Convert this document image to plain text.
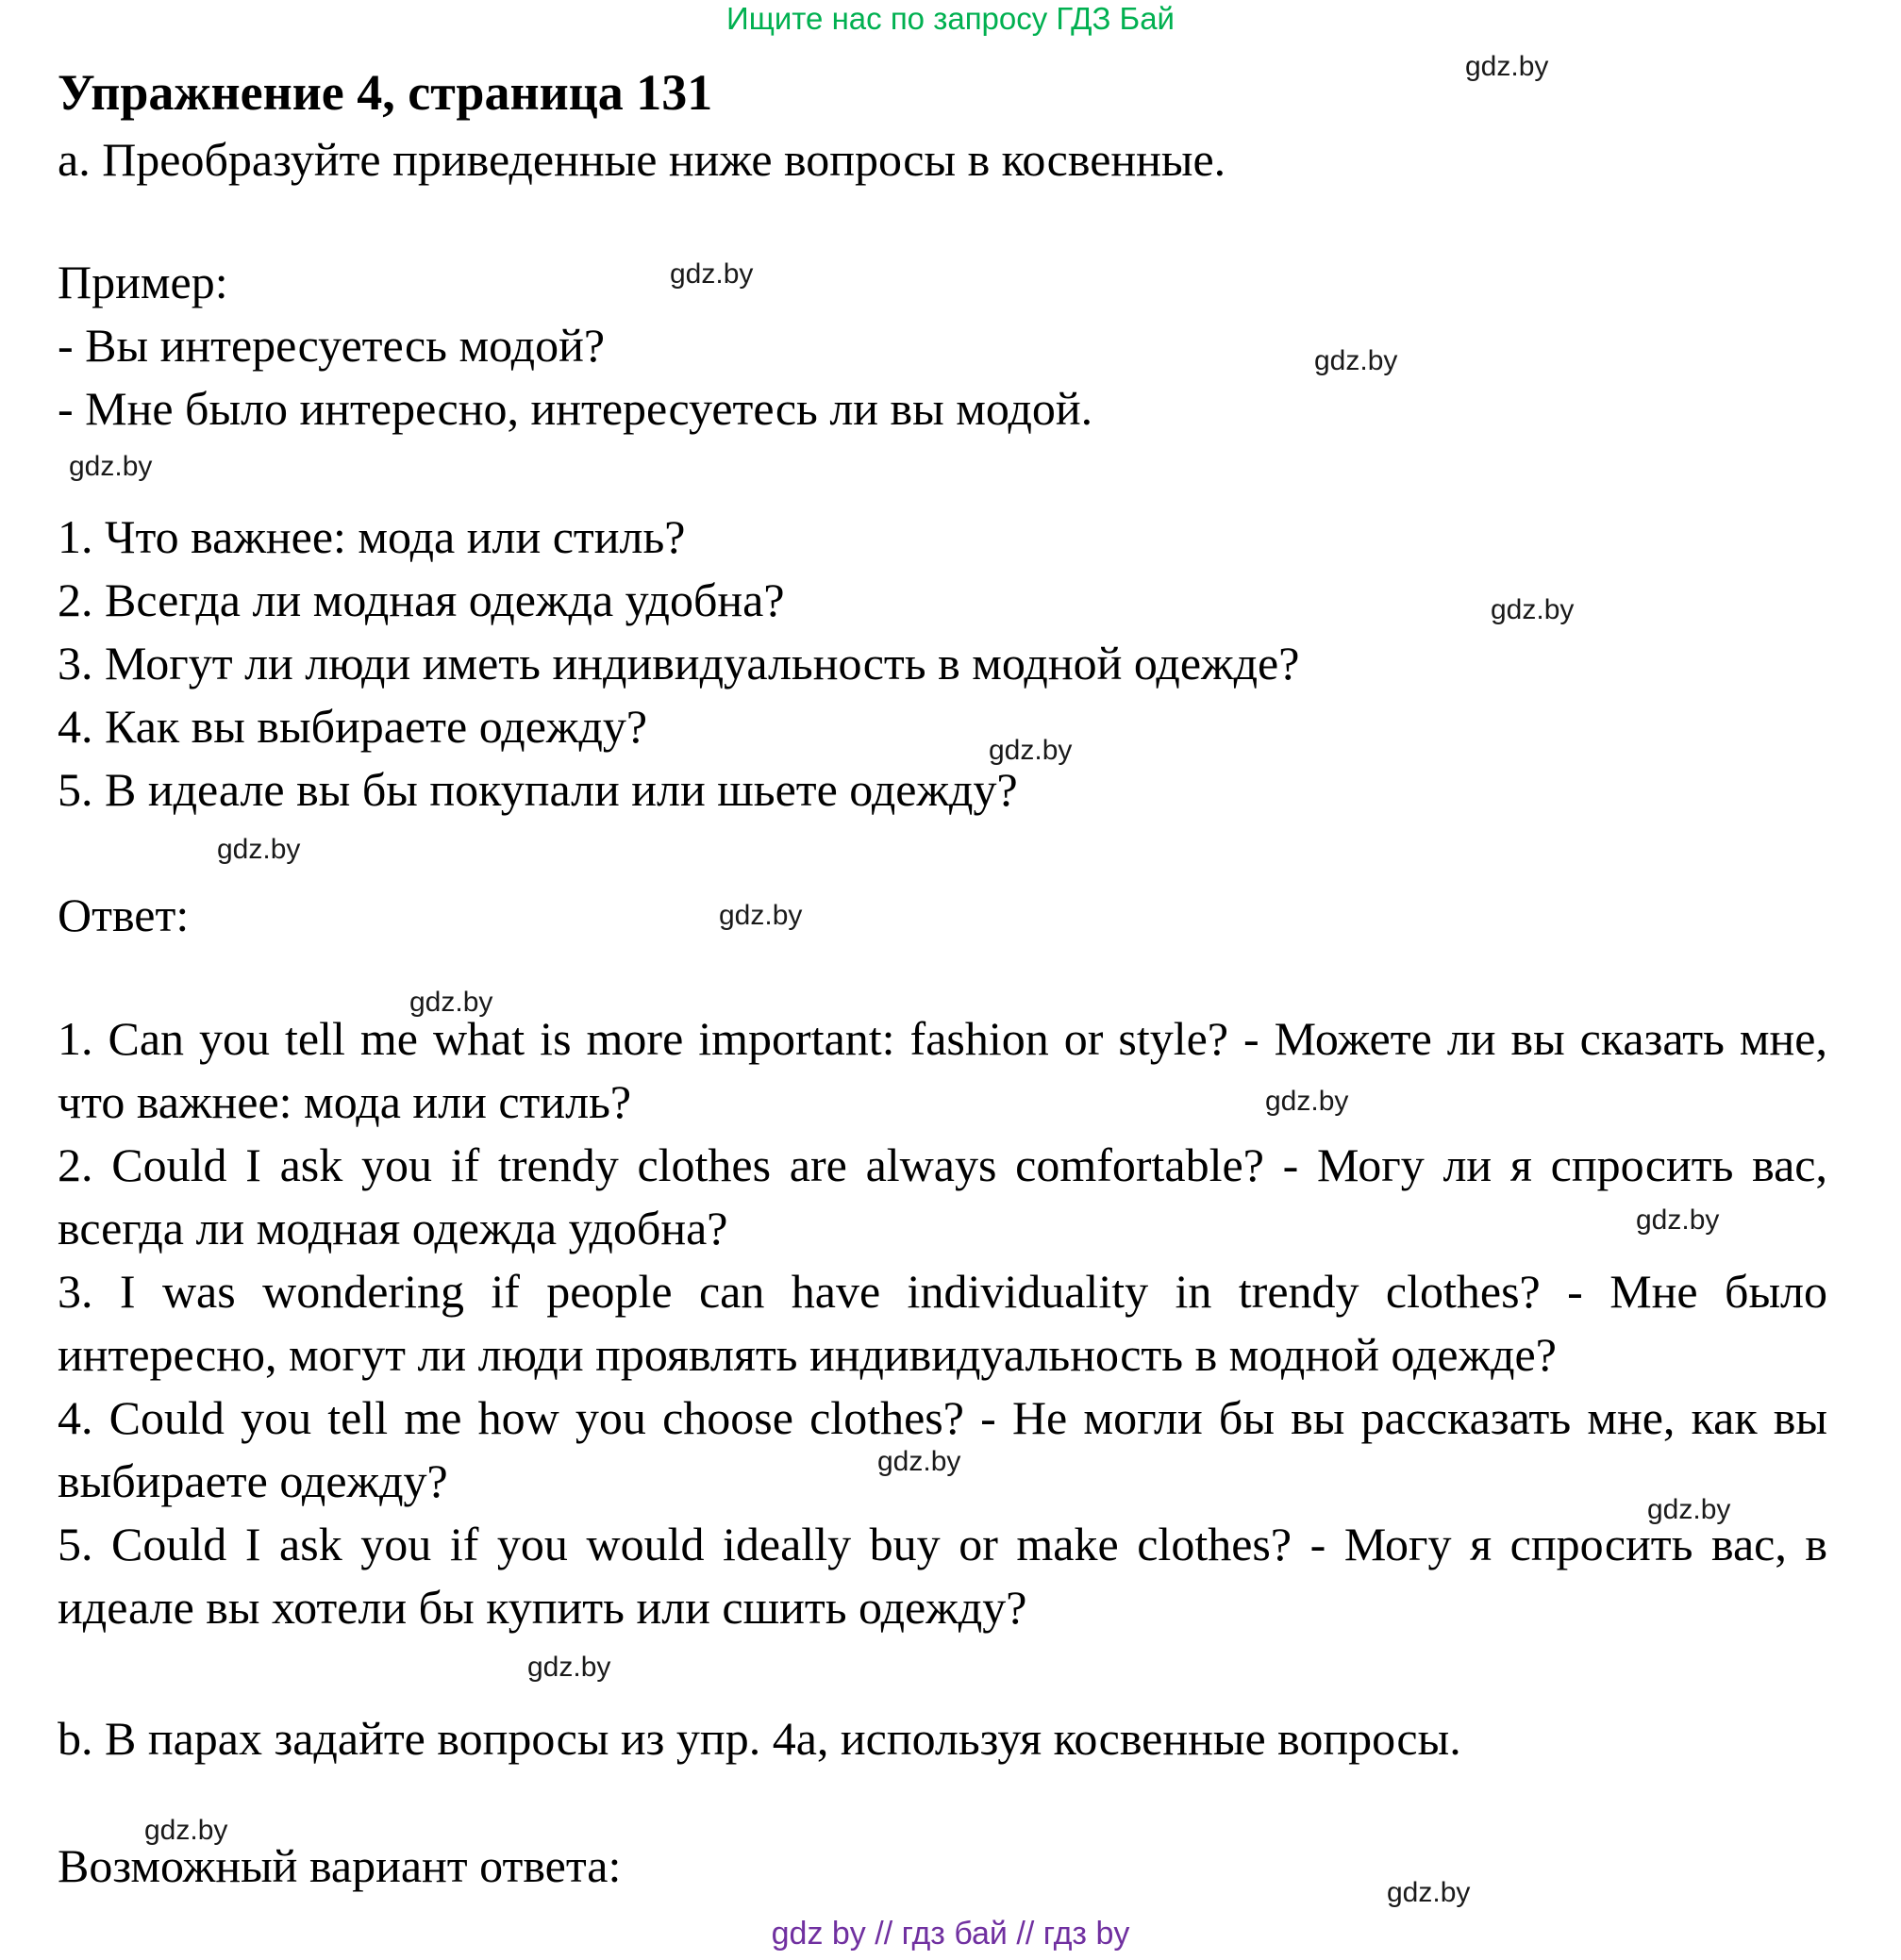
Ищите нас по запросу ГДЗ Бай
Упражнение 4, страница 131
a. Преобразуйте приведенные ниже вопросы в косвенные.
Пример:
- Вы интересуетесь модой?
- Мне было интересно, интересуетесь ли вы модой.
1. Что важнее: мода или стиль?
2. Всегда ли модная одежда удобна?
3. Могут ли люди иметь индивидуальность в модной одежде?
4. Как вы выбираете одежду?
5. В идеале вы бы покупали или шьете одежду?
Ответ:

1. Can you tell me what is more important: fashion or style? - Можете ли вы сказать мне, что важнее: мода или стиль?

2. Could I ask you if trendy clothes are always comfortable? - Могу ли я спросить вас, всегда ли модная одежда удобна?

3. I was wondering if people can have individuality in trendy clothes? - Мне было интересно, могут ли люди проявлять индивидуальность в модной одежде?

4. Could you tell me how you choose clothes? - Не могли бы вы рассказать мне, как вы выбираете одежду?

5. Could I ask you if you would ideally buy or make clothes? - Могу я спросить вас, в идеале вы хотели бы купить или сшить одежду?

b. В парах задайте вопросы из упр. 4a, используя косвенные вопросы.
Возможный вариант ответа:
gdz.by
gdz.by
gdz.by
gdz.by
gdz.by
gdz.by
gdz.by
gdz.by
gdz.by
gdz.by
gdz.by
gdz.by
gdz.by
gdz.by
gdz.by
gdz.by
gdz by // гдз бай // гдз by
